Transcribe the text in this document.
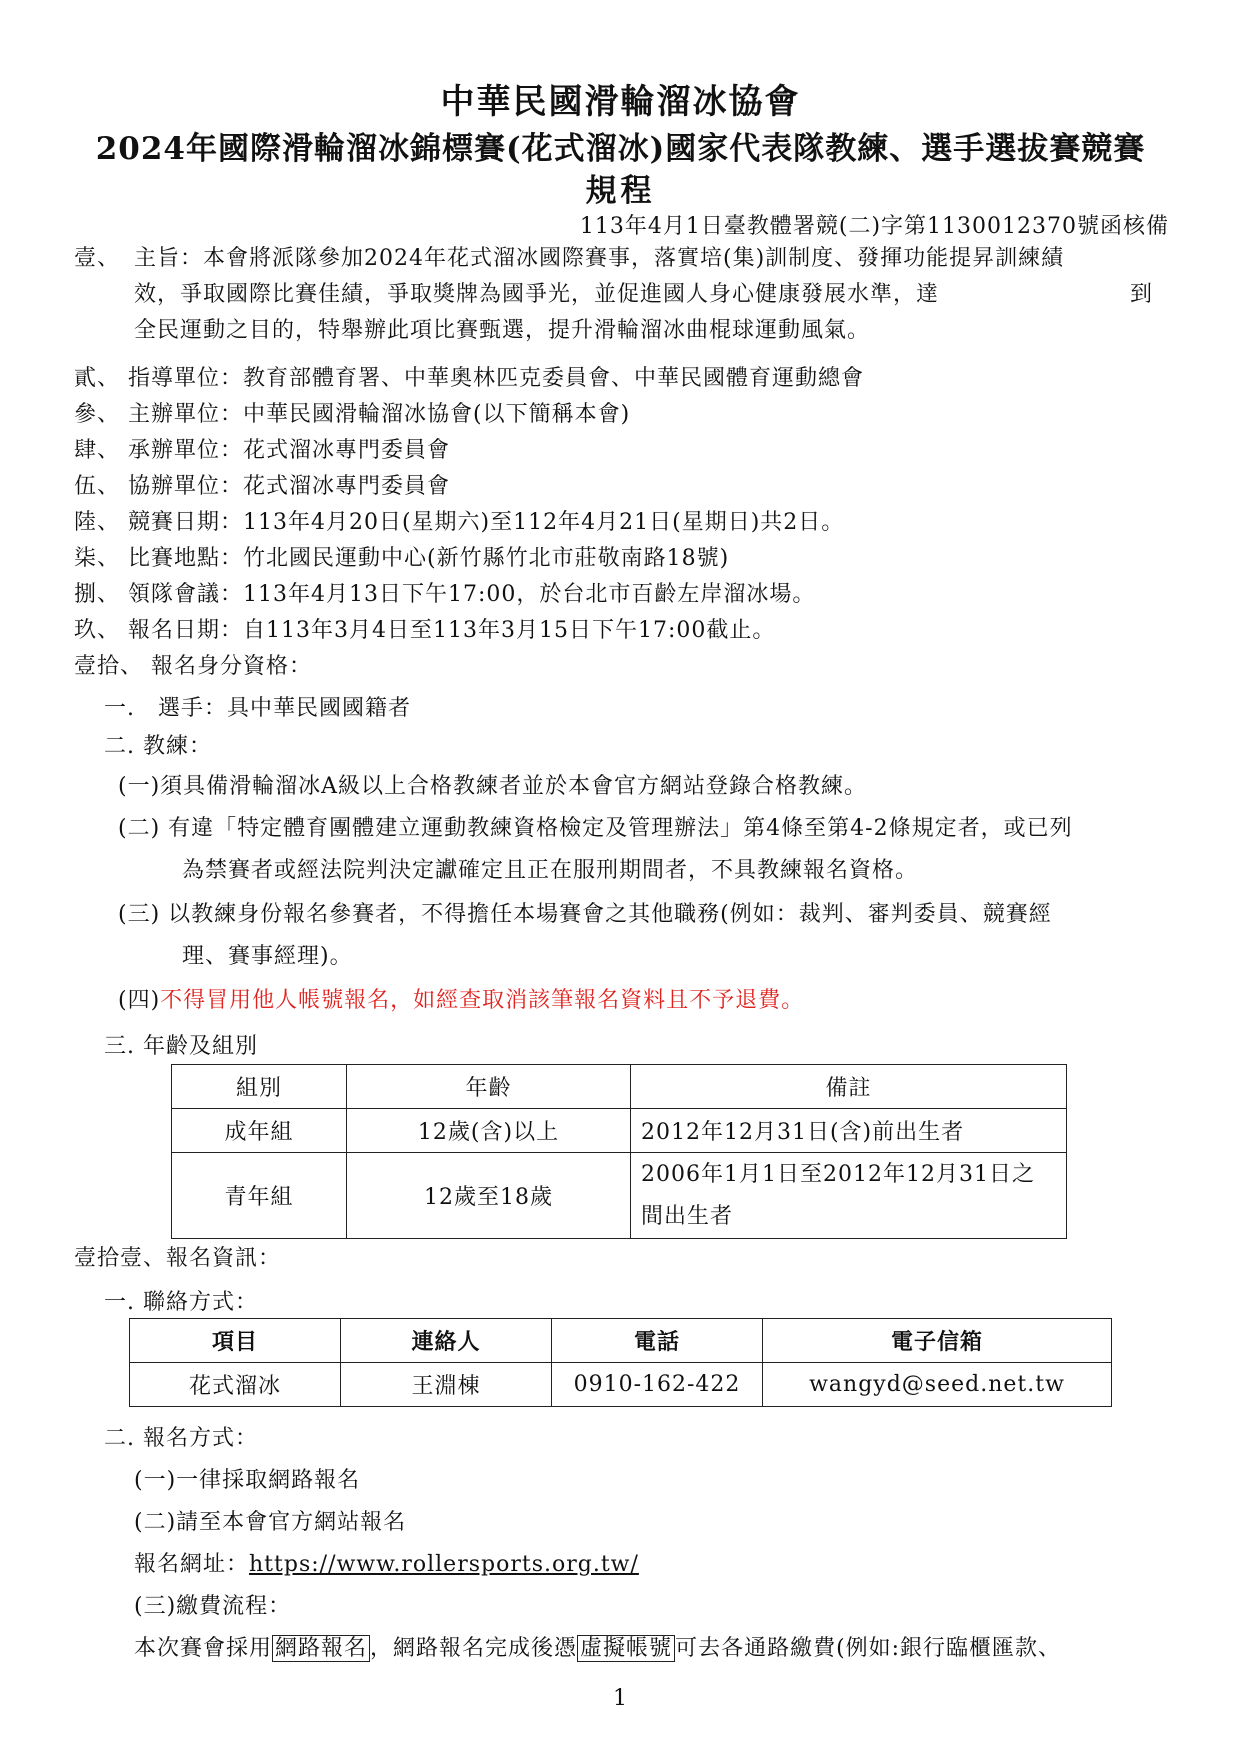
中華民國滑輪溜冰協會
2024年國際滑輪溜冰錦標賽(花式溜冰)國家代表隊教練、選手選拔賽競賽
規程
113年4月1日臺教體署競(二)字第1130012370號函核備
壹、 主旨：本會將派隊參加2024年花式溜冰國際賽事，落實培(集)訓制度、發揮功能提昇訓練績
效，爭取國際比賽佳績，爭取獎牌為國爭光，並促進國人身心健康發展水準，達	到
全民運動之目的，特舉辦此項比賽甄選，提升滑輪溜冰曲棍球運動風氣。
貳、 指導單位：教育部體育署、中華奧林匹克委員會、中華民國體育運動總會
參、 主辦單位：中華民國滑輪溜冰協會(以下簡稱本會)
肆、 承辦單位：花式溜冰專門委員會
伍、 協辦單位：花式溜冰專門委員會
陸、 競賽日期：113年4月20日(星期六)至112年4月21日(星期日)共2日。
柒、 比賽地點：竹北國民運動中心(新竹縣竹北市莊敬南路18號)
捌、 領隊會議：113年4月13日下午17:00，於台北市百齡左岸溜冰場。
玖、 報名日期：自113年3月4日至113年3月15日下午17:00截止。
壹拾、 報名身分資格：
一.　選手：具中華民國國籍者
二. 教練：
(一)須具備滑輪溜冰A級以上合格教練者並於本會官方網站登錄合格教練。
(二) 有違「特定體育團體建立運動教練資格檢定及管理辦法」第4條至第4-2條規定者，或已列
為禁賽者或經法院判決定讞確定且正在服刑期間者，不具教練報名資格。
(三) 以教練身份報名參賽者，不得擔任本場賽會之其他職務(例如：裁判、審判委員、競賽經
理、賽事經理)。
(四)不得冒用他人帳號報名，如經查取消該筆報名資料且不予退費。
三. 年齡及組別
組別	年齡	備註
成年組	12歲(含)以上	2012年12月31日(含)前出生者
青年組	12歲至18歲	2006年1月1日至2012年12月31日之
間出生者
壹拾壹、報名資訊：
一. 聯絡方式：
項目	連絡人	電話	電子信箱
花式溜冰	王淵棟	0910-162-422	wangyd@seed.net.tw
二. 報名方式：
(一)一律採取網路報名
(二)請至本會官方網站報名
報名網址：https://www.rollersports.org.tw/
(三)繳費流程：
本次賽會採用 網路報名 ，網路報名完成後憑 虛擬帳號 可去各通路繳費(例如:銀行臨櫃匯款、
1
